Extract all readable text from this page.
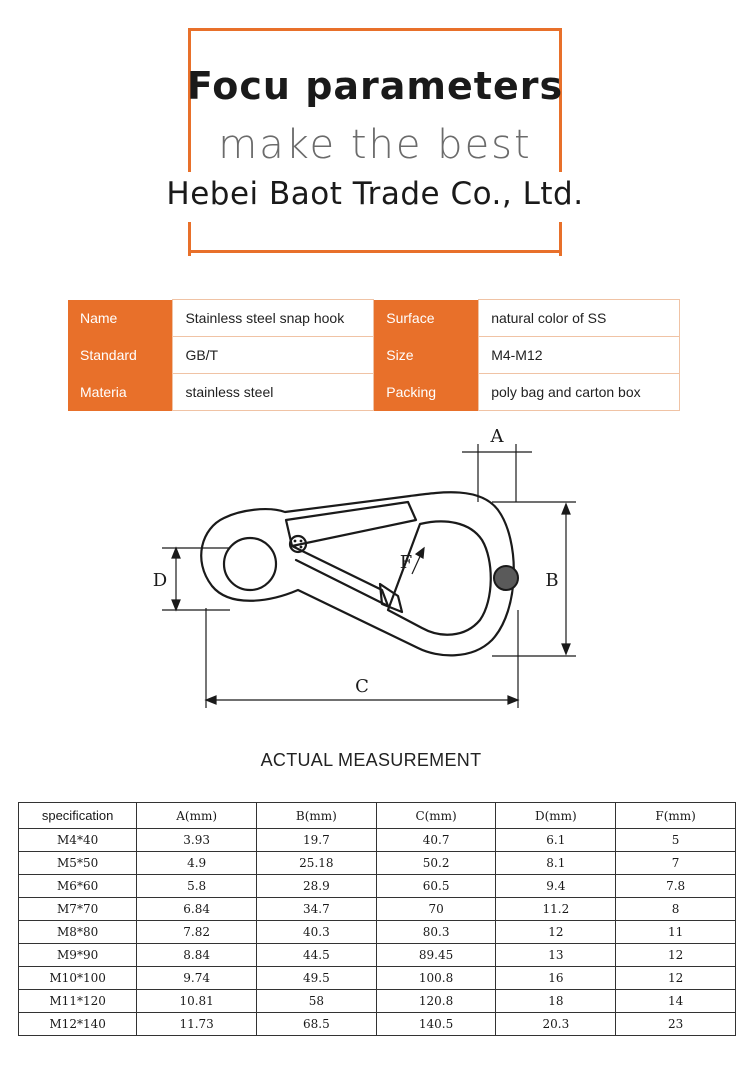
Focu parameters
make the best
Hebei Baot Trade Co., Ltd.
Name	Stainless steel snap hook	Surface	natural color of SS
Standard	GB/T	Size	M4-M12
Materia	stainless steel	Packing	poly bag and carton box
A
B
C
D
F
ACTUAL MEASUREMENT
specification	A(mm)	B(mm)	C(mm)	D(mm)	F(mm)
M4*40	3.93	19.7	40.7	6.1	5
M5*50	4.9	25.18	50.2	8.1	7
M6*60	5.8	28.9	60.5	9.4	7.8
M7*70	6.84	34.7	70	11.2	8
M8*80	7.82	40.3	80.3	12	11
M9*90	8.84	44.5	89.45	13	12
M10*100	9.74	49.5	100.8	16	12
M11*120	10.81	58	120.8	18	14
M12*140	11.73	68.5	140.5	20.3	23
